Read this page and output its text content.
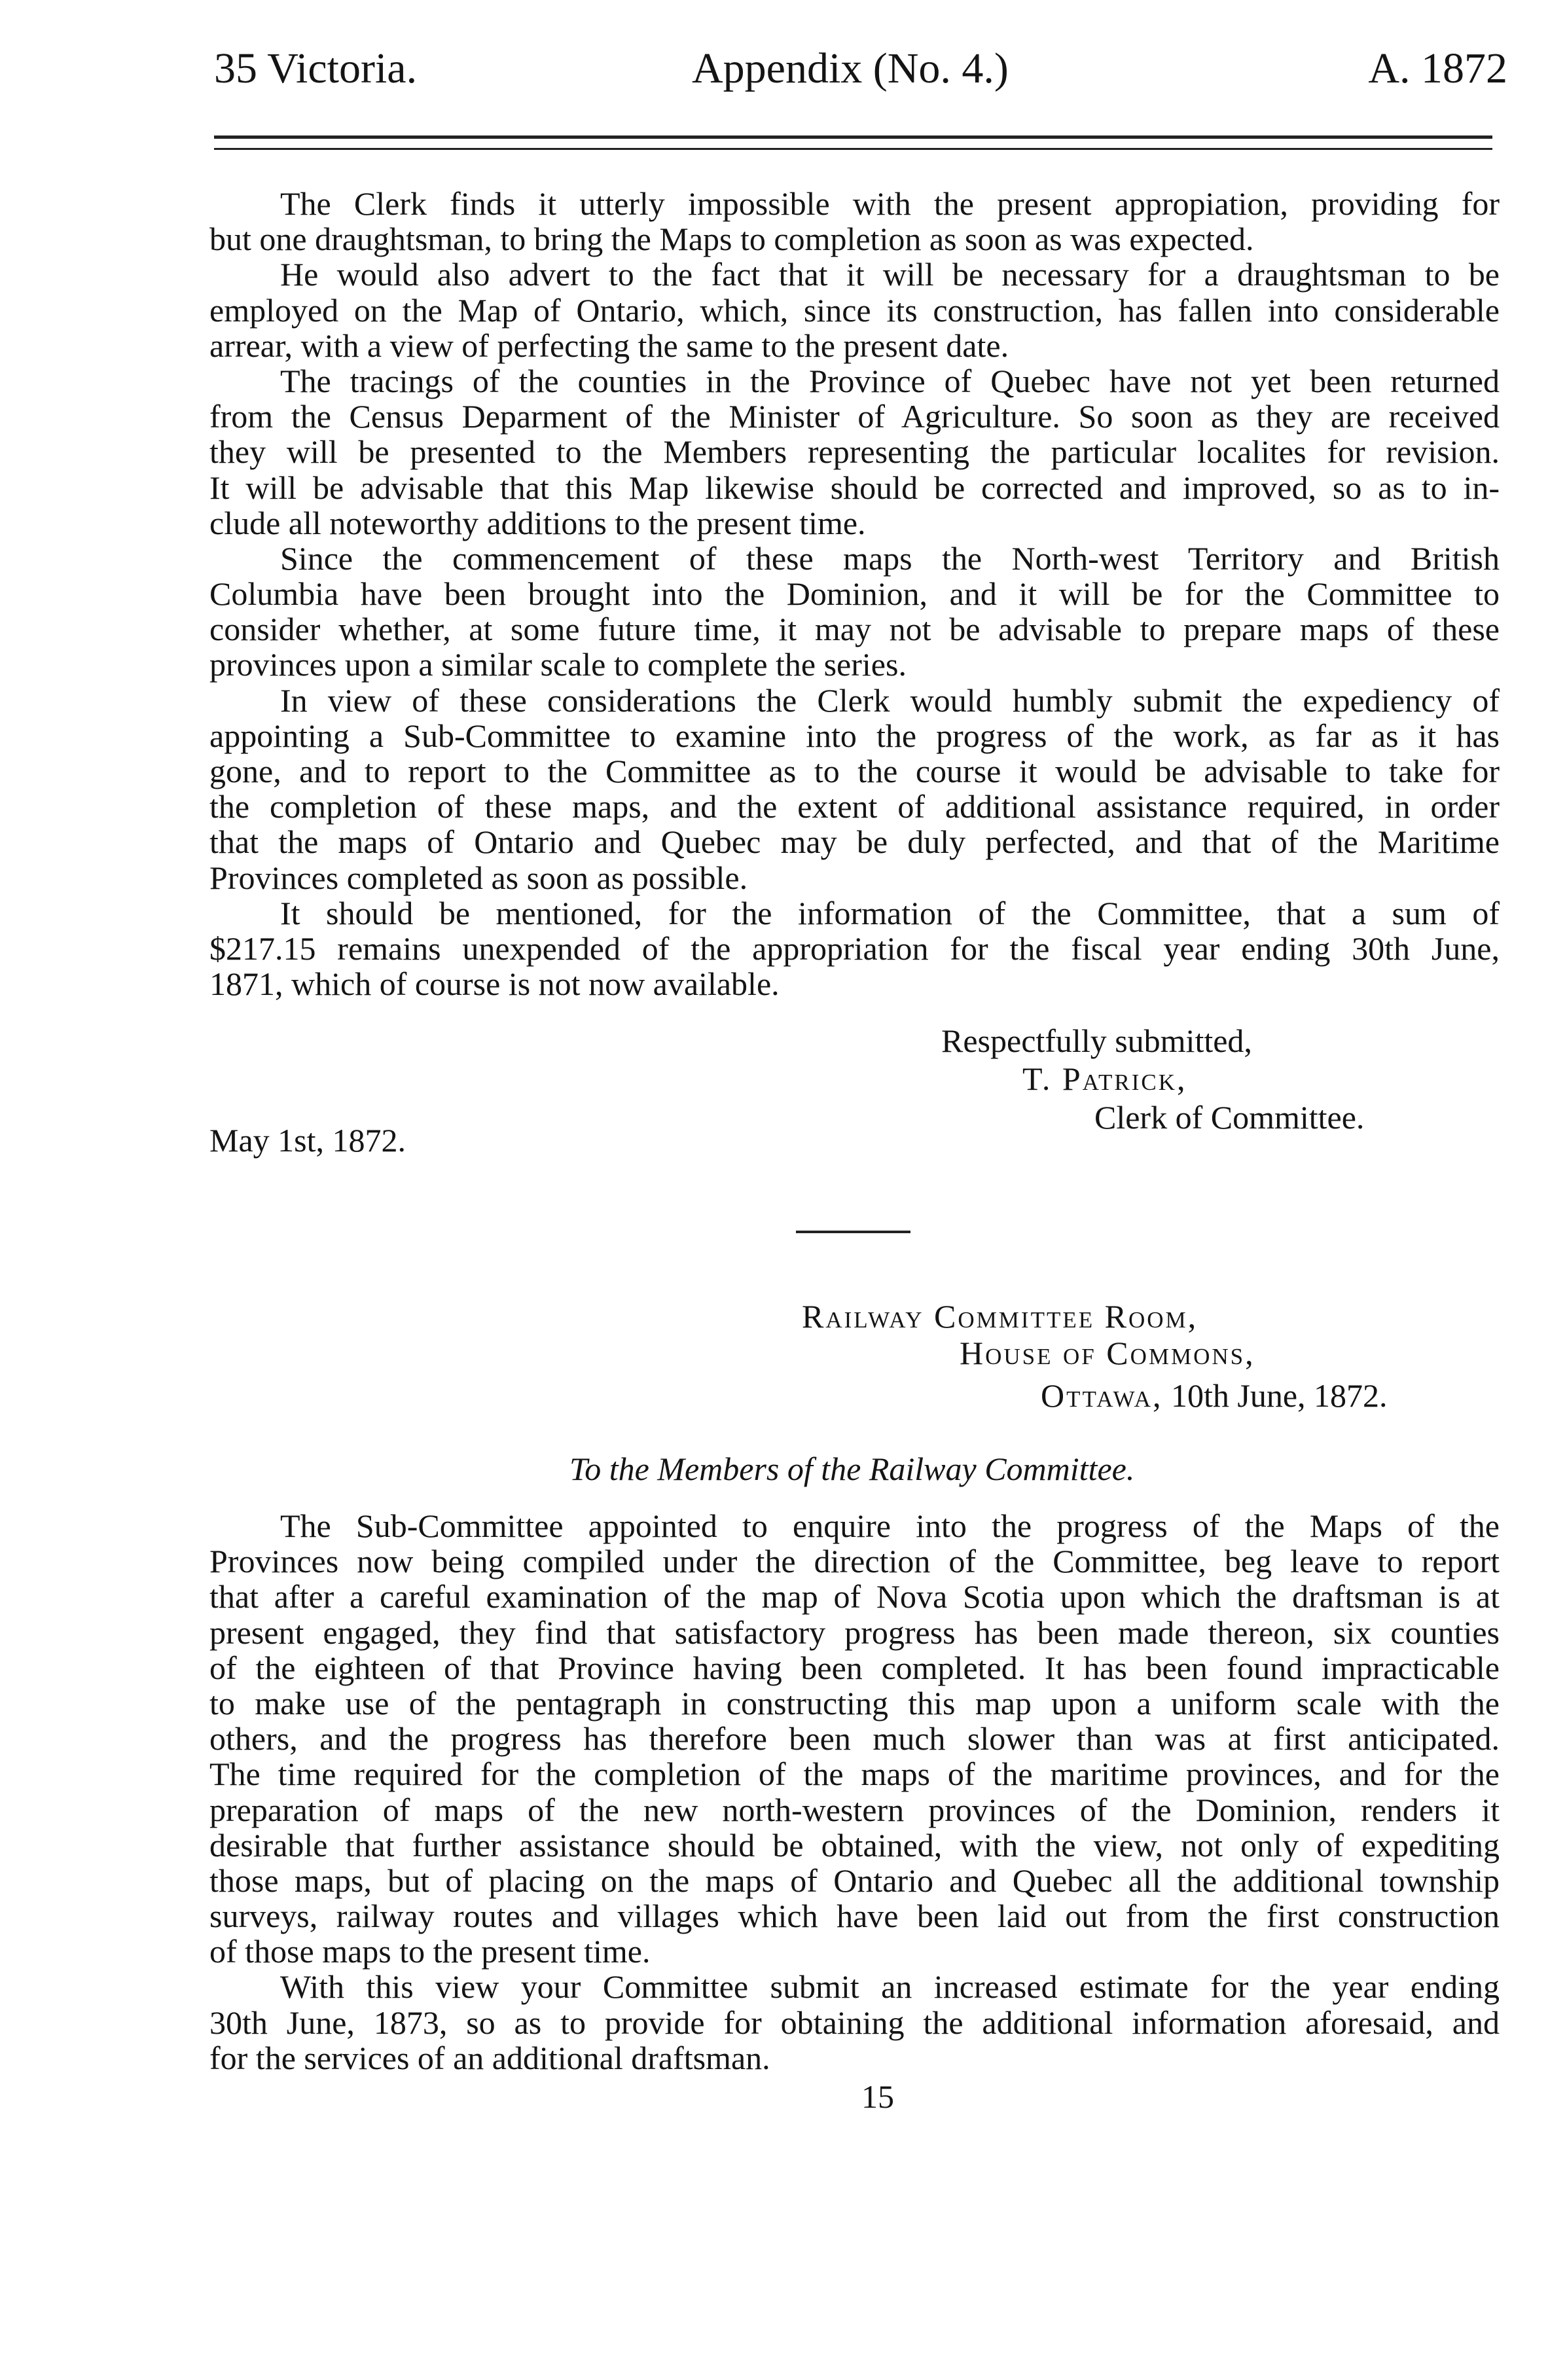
35 Victoria.	Appendix (No. 4.)	A. 1872
The Clerk finds it utterly impossible with the present appropiation, providing for
but one draughtsman, to bring the Maps to completion as soon as was expected.
He would also advert to the fact that it will be necessary for a draughtsman to be
employed on the Map of Ontario, which, since its construction, has fallen into considerable
arrear, with a view of perfecting the same to the present date.
The tracings of the counties in the Province of Quebec have not yet been returned
from the Census Deparment of the Minister of Agriculture. So soon as they are received
they will be presented to the Members representing the particular localites for revision.
It will be advisable that this Map likewise should be corrected and improved, so as to in-
clude all noteworthy additions to the present time.
Since the commencement of these maps the North-west Territory and British
Columbia have been brought into the Dominion, and it will be for the Committee to
consider whether, at some future time, it may not be advisable to prepare maps of these
provinces upon a similar scale to complete the series.
In view of these considerations the Clerk would humbly submit the expediency of
appointing a Sub-Committee to examine into the progress of the work, as far as it has
gone, and to report to the Committee as to the course it would be advisable to take for
the completion of these maps, and the extent of additional assistance required, in order
that the maps of Ontario and Quebec may be duly perfected, and that of the Maritime
Provinces completed as soon as possible.
It should be mentioned, for the information of the Committee, that a sum of
$217.15 remains unexpended of the appropriation for the fiscal year ending 30th June,
1871, which of course is not now available.
Respectfully submitted,
T. Patrick,
Clerk of Committee.
May 1st, 1872.
Railway Committee Room,
House of Commons,
Ottawa, 10th June, 1872.
To the Members of the Railway Committee.
The Sub-Committee appointed to enquire into the progress of the Maps of the
Provinces now being compiled under the direction of the Committee, beg leave to report
that after a careful examination of the map of Nova Scotia upon which the draftsman is at
present engaged, they find that satisfactory progress has been made thereon, six counties
of the eighteen of that Province having been completed. It has been found impracticable
to make use of the pentagraph in constructing this map upon a uniform scale with the
others, and the progress has therefore been much slower than was at first anticipated.
The time required for the completion of the maps of the maritime provinces, and for the
preparation of maps of the new north-western provinces of the Dominion, renders it
desirable that further assistance should be obtained, with the view, not only of expediting
those maps, but of placing on the maps of Ontario and Quebec all the additional township
surveys, railway routes and villages which have been laid out from the first construction
of those maps to the present time.
With this view your Committee submit an increased estimate for the year ending
30th June, 1873, so as to provide for obtaining the additional information aforesaid, and
for the services of an additional draftsman.
15
